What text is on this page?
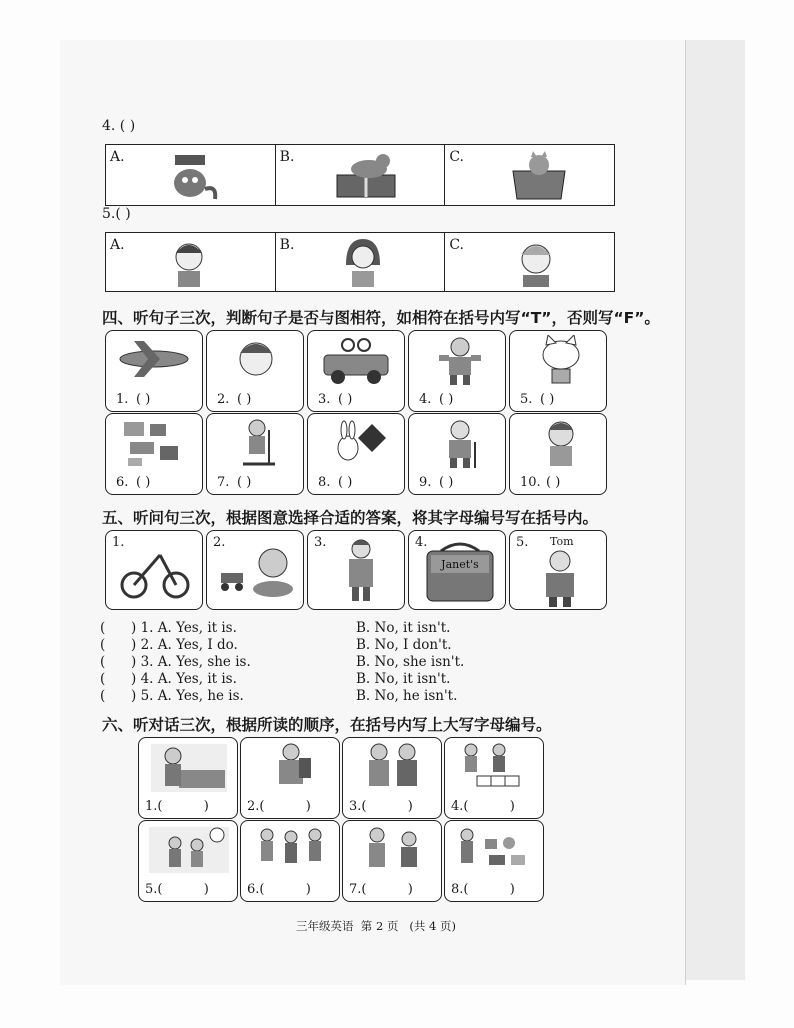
4. ( )
A.	B.	C.
5.( )
A.	B.	C.
四、听句子三次，判断句子是否与图相符，如相符在括号内写“T”，否则写“F”。
1. ( )	2. ( )	3. ( )	4. ( )	5. ( )
6. ( )	7. ( )	8. ( )	9. ( )	10. ( )
五、听问句三次，根据图意选择合适的答案，将其字母编号写在括号内。
1.	2.	3.	4.
Janet's
5. Tom
(      ) 1. A. Yes, it is.	B. No, it isn't.
(      ) 2. A. Yes, I do.	B. No, I don't.
(      ) 3. A. Yes, she is.	B. No, she isn't.
(      ) 4. A. Yes, it is.	B. No, it isn't.
(      ) 5. A. Yes, he is.	B. No, he isn't.
六、听对话三次，根据所读的顺序，在括号内写上大写字母编号。
1.(          )	2.(          )	3.(          )	4.(          )
5.(          )	6.(          )	7.(          )	8.(          )
三年级英语  第 2 页   (共 4 页)
